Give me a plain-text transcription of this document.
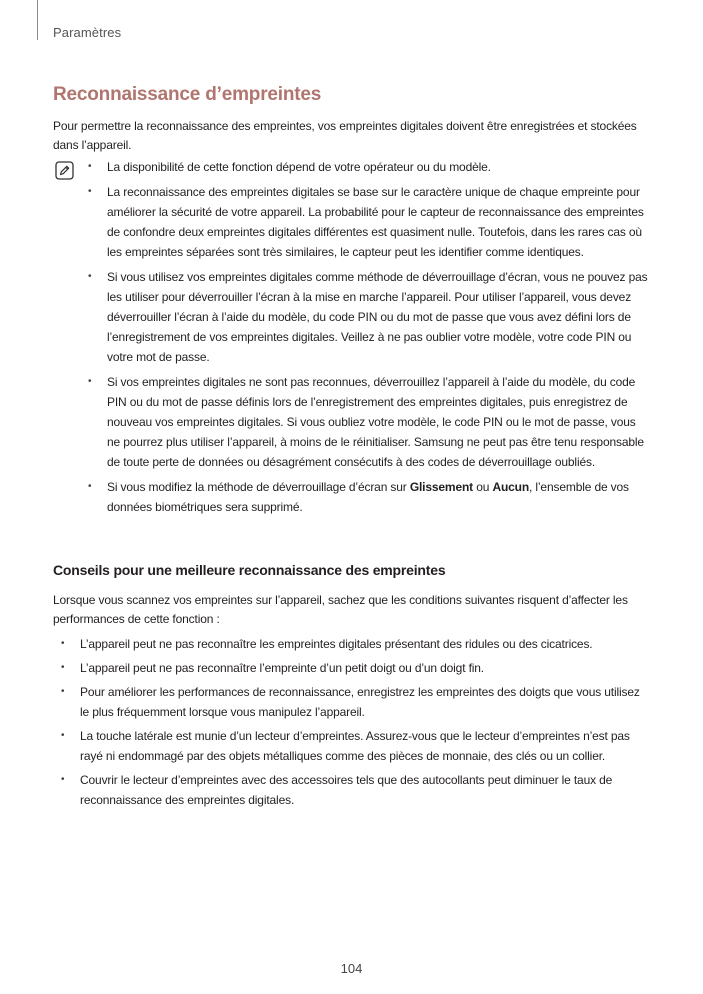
Paramètres
Reconnaissance d’empreintes

Pour permettre la reconnaissance des empreintes, vos empreintes digitales doivent être enregistrées et stockées dans l’appareil.

• La disponibilité de cette fonction dépend de votre opérateur ou du modèle.
• La reconnaissance des empreintes digitales se base sur le caractère unique de chaque empreinte pour améliorer la sécurité de votre appareil. La probabilité pour le capteur de reconnaissance des empreintes de confondre deux empreintes digitales différentes est quasiment nulle. Toutefois, dans les rares cas où les empreintes séparées sont très similaires, le capteur peut les identifier comme identiques.
• Si vous utilisez vos empreintes digitales comme méthode de déverrouillage d’écran, vous ne pouvez pas les utiliser pour déverrouiller l’écran à la mise en marche l’appareil. Pour utiliser l’appareil, vous devez déverrouiller l’écran à l’aide du modèle, du code PIN ou du mot de passe que vous avez défini lors de l’enregistrement de vos empreintes digitales. Veillez à ne pas oublier votre modèle, votre code PIN ou votre mot de passe.
• Si vos empreintes digitales ne sont pas reconnues, déverrouillez l’appareil à l’aide du modèle, du code PIN ou du mot de passe définis lors de l’enregistrement des empreintes digitales, puis enregistrez de nouveau vos empreintes digitales. Si vous oubliez votre modèle, le code PIN ou le mot de passe, vous ne pourrez plus utiliser l’appareil, à moins de le réinitialiser. Samsung ne peut pas être tenu responsable de toute perte de données ou désagrément consécutifs à des codes de déverrouillage oubliés.
• Si vous modifiez la méthode de déverrouillage d’écran sur Glissement ou Aucun, l’ensemble de vos données biométriques sera supprimé.
Conseils pour une meilleure reconnaissance des empreintes

Lorsque vous scannez vos empreintes sur l’appareil, sachez que les conditions suivantes risquent d’affecter les performances de cette fonction :

• L’appareil peut ne pas reconnaître les empreintes digitales présentant des ridules ou des cicatrices.
• L’appareil peut ne pas reconnaître l’empreinte d’un petit doigt ou d’un doigt fin.
• Pour améliorer les performances de reconnaissance, enregistrez les empreintes des doigts que vous utilisez le plus fréquemment lorsque vous manipulez l’appareil.
• La touche latérale est munie d’un lecteur d’empreintes. Assurez-vous que le lecteur d’empreintes n’est pas rayé ni endommagé par des objets métalliques comme des pièces de monnaie, des clés ou un collier.
• Couvrir le lecteur d’empreintes avec des accessoires tels que des autocollants peut diminuer le taux de reconnaissance des empreintes digitales.
104
